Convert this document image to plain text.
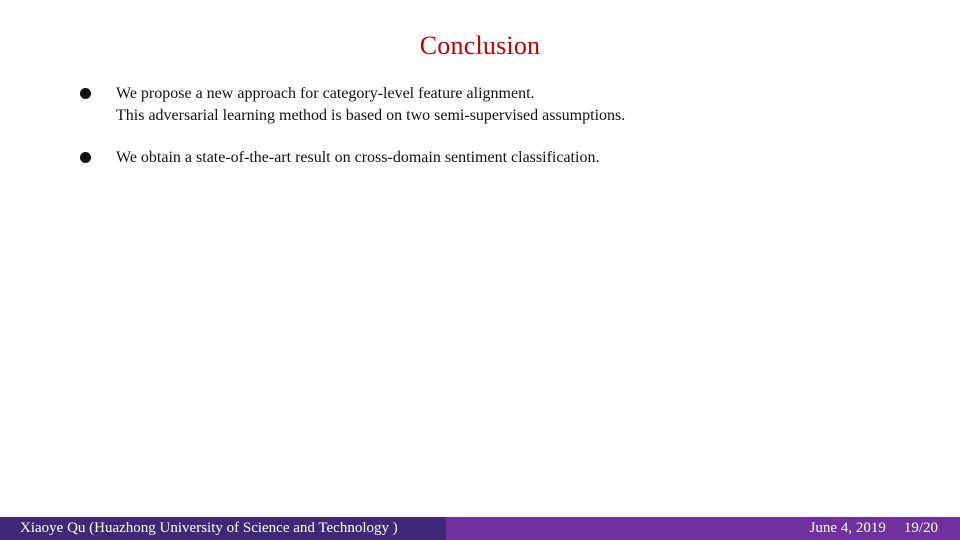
Conclusion
We propose a new approach for category-level feature alignment.
This adversarial learning method is based on two semi-supervised assumptions.
We obtain a state-of-the-art result on cross-domain sentiment classification.
Xiaoye Qu (Huazhong University of Science and Technology )	June 4, 2019 19/20
